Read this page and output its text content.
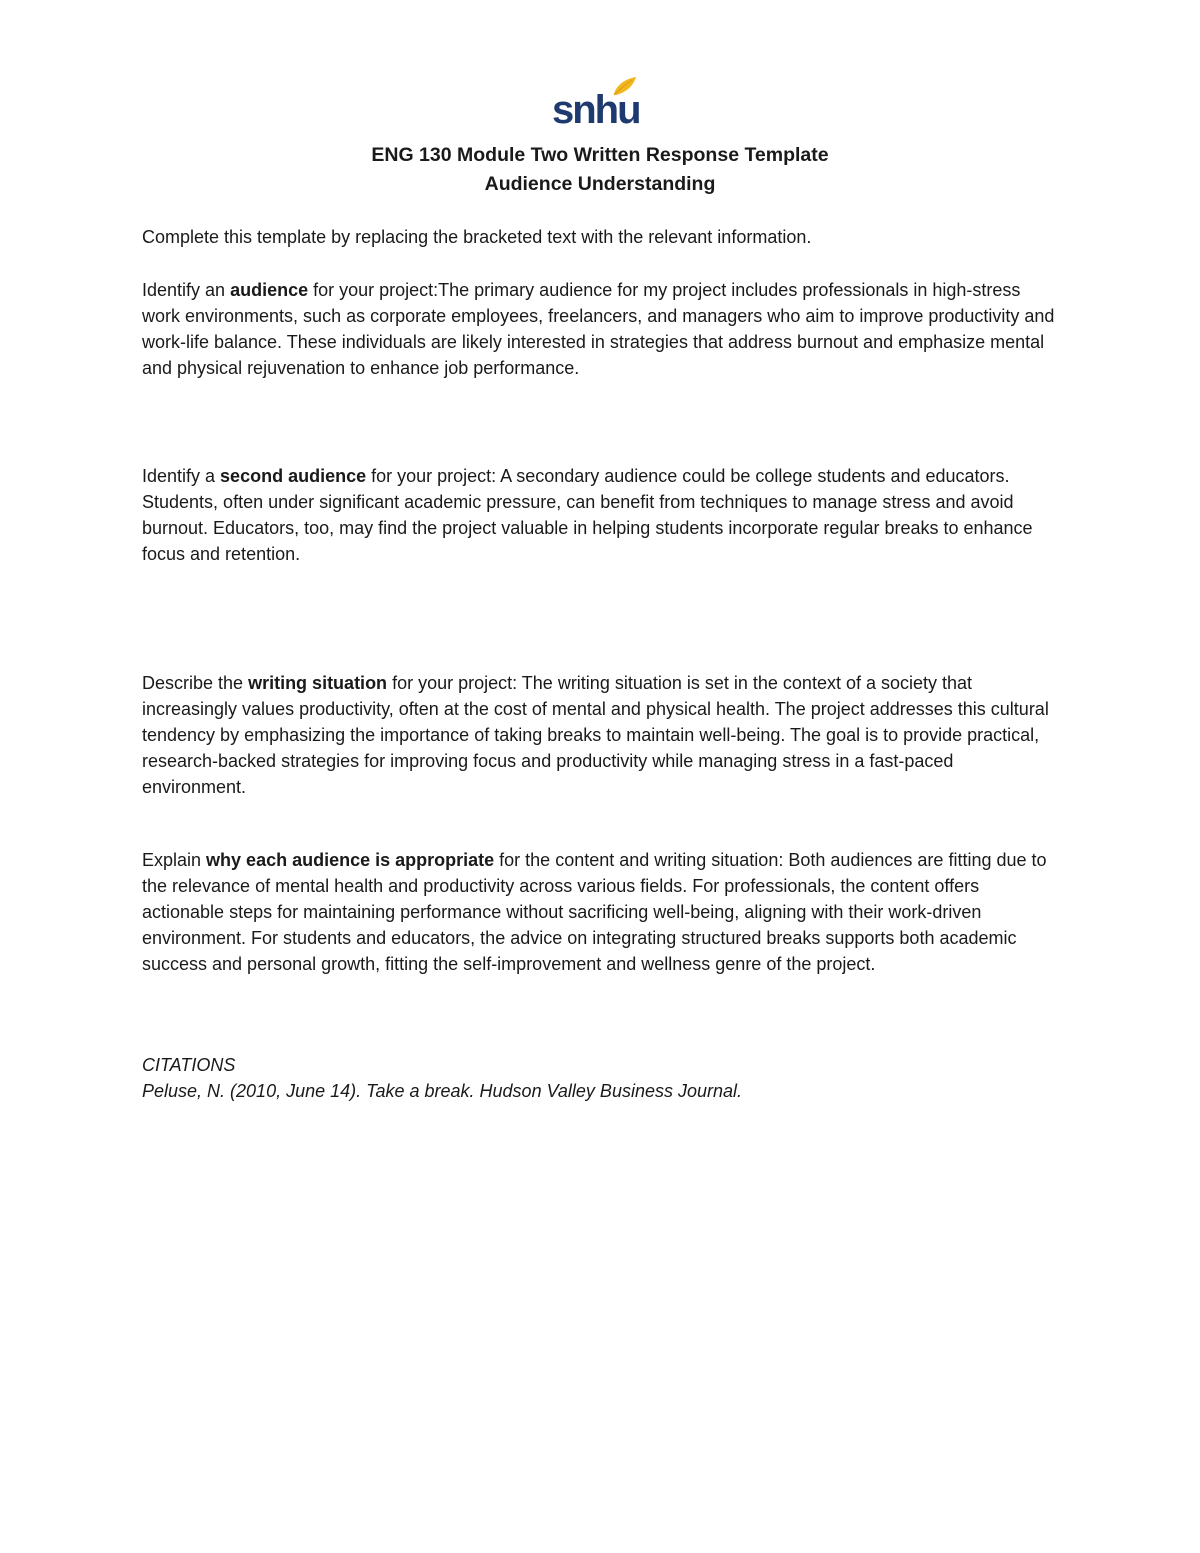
snhu
ENG 130 Module Two Written Response Template
Audience Understanding

Complete this template by replacing the bracketed text with the relevant information.

Identify an audience for your project:The primary audience for my project includes professionals in high-stress work environments, such as corporate employees, freelancers, and managers who aim to improve productivity and work-life balance. These individuals are likely interested in strategies that address burnout and emphasize mental and physical rejuvenation to enhance job performance.

Identify a second audience for your project: A secondary audience could be college students and educators. Students, often under significant academic pressure, can benefit from techniques to manage stress and avoid burnout. Educators, too, may find the project valuable in helping students incorporate regular breaks to enhance focus and retention.

Describe the writing situation for your project: The writing situation is set in the context of a society that increasingly values productivity, often at the cost of mental and physical health. The project addresses this cultural tendency by emphasizing the importance of taking breaks to maintain well-being. The goal is to provide practical, research-backed strategies for improving focus and productivity while managing stress in a fast-paced environment.

Explain why each audience is appropriate for the content and writing situation: Both audiences are fitting due to the relevance of mental health and productivity across various fields. For professionals, the content offers actionable steps for maintaining performance without sacrificing well-being, aligning with their work-driven environment. For students and educators, the advice on integrating structured breaks supports both academic success and personal growth, fitting the self-improvement and wellness genre of the project.

CITATIONS

Peluse, N. (2010, June 14). Take a break. Hudson Valley Business Journal.
